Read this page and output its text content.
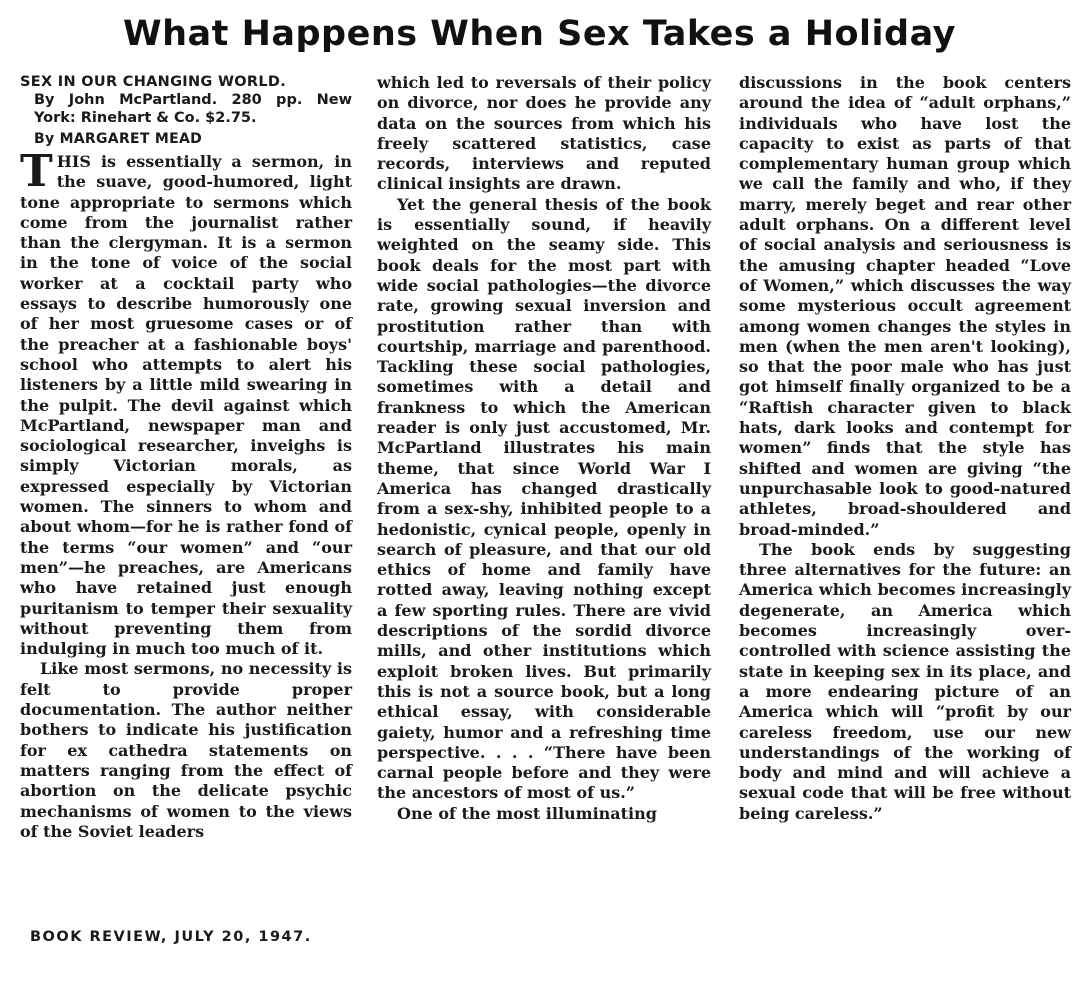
What Happens When Sex Takes a Holiday
SEX IN OUR CHANGING WORLD.
By John McPartland. 280 pp. New York: Rinehart & Co. $2.75.
By MARGARET MEAD

THIS is essentially a sermon, in the suave, good-humored, light tone appropriate to sermons which come from the journalist rather than the clergyman. It is a sermon in the tone of voice of the social worker at a cocktail party who essays to describe humorously one of her most gruesome cases or of the preacher at a fashionable boys' school who attempts to alert his listeners by a little mild swearing in the pulpit. The devil against which McPartland, newspaper man and sociological researcher, inveighs is simply Victorian morals, as expressed especially by Victorian women. The sinners to whom and about whom—for he is rather fond of the terms “our women” and “our men”—he preaches, are Americans who have retained just enough puritanism to temper their sexuality without preventing them from indulging in much too much of it.

Like most sermons, no necessity is felt to provide proper documentation. The author neither bothers to indicate his justification for ex cathedra statements on matters ranging from the effect of abortion on the delicate psychic mechanisms of women to the views of the Soviet leaders

which led to reversals of their policy on divorce, nor does he provide any data on the sources from which his freely scattered statistics, case records, interviews and reputed clinical insights are drawn.

Yet the general thesis of the book is essentially sound, if heavily weighted on the seamy side. This book deals for the most part with wide social pathologies—the divorce rate, growing sexual inversion and prostitution rather than with courtship, marriage and parenthood. Tackling these social pathologies, sometimes with a detail and frankness to which the American reader is only just accustomed, Mr. McPartland illustrates his main theme, that since World War I America has changed drastically from a sex-shy, inhibited people to a hedonistic, cynical people, openly in search of pleasure, and that our old ethics of home and family have rotted away, leaving nothing except a few sporting rules. There are vivid descriptions of the sordid divorce mills, and other institutions which exploit broken lives. But primarily this is not a source book, but a long ethical essay, with considerable gaiety, humor and a refreshing time perspective. . . . “There have been carnal people before and they were the ancestors of most of us.”

One of the most illuminating

discussions in the book centers around the idea of “adult orphans,” individuals who have lost the capacity to exist as parts of that complementary human group which we call the family and who, if they marry, merely beget and rear other adult orphans. On a different level of social analysis and seriousness is the amusing chapter headed “Love of Women,” which discusses the way some mysterious occult agreement among women changes the styles in men (when the men aren't looking), so that the poor male who has just got himself finally organized to be a “Raftish character given to black hats, dark looks and contempt for women” finds that the style has shifted and women are giving “the unpurchasable look to good-natured athletes, broad-shouldered and broad-minded.”

The book ends by suggesting three alternatives for the future: an America which becomes increasingly degenerate, an America which becomes increasingly over-controlled with science assisting the state in keeping sex in its place, and a more endearing picture of an America which will “profit by our careless freedom, use our new understandings of the working of body and mind and will achieve a sexual code that will be free without being careless.”

BOOK REVIEW, JULY 20, 1947.
